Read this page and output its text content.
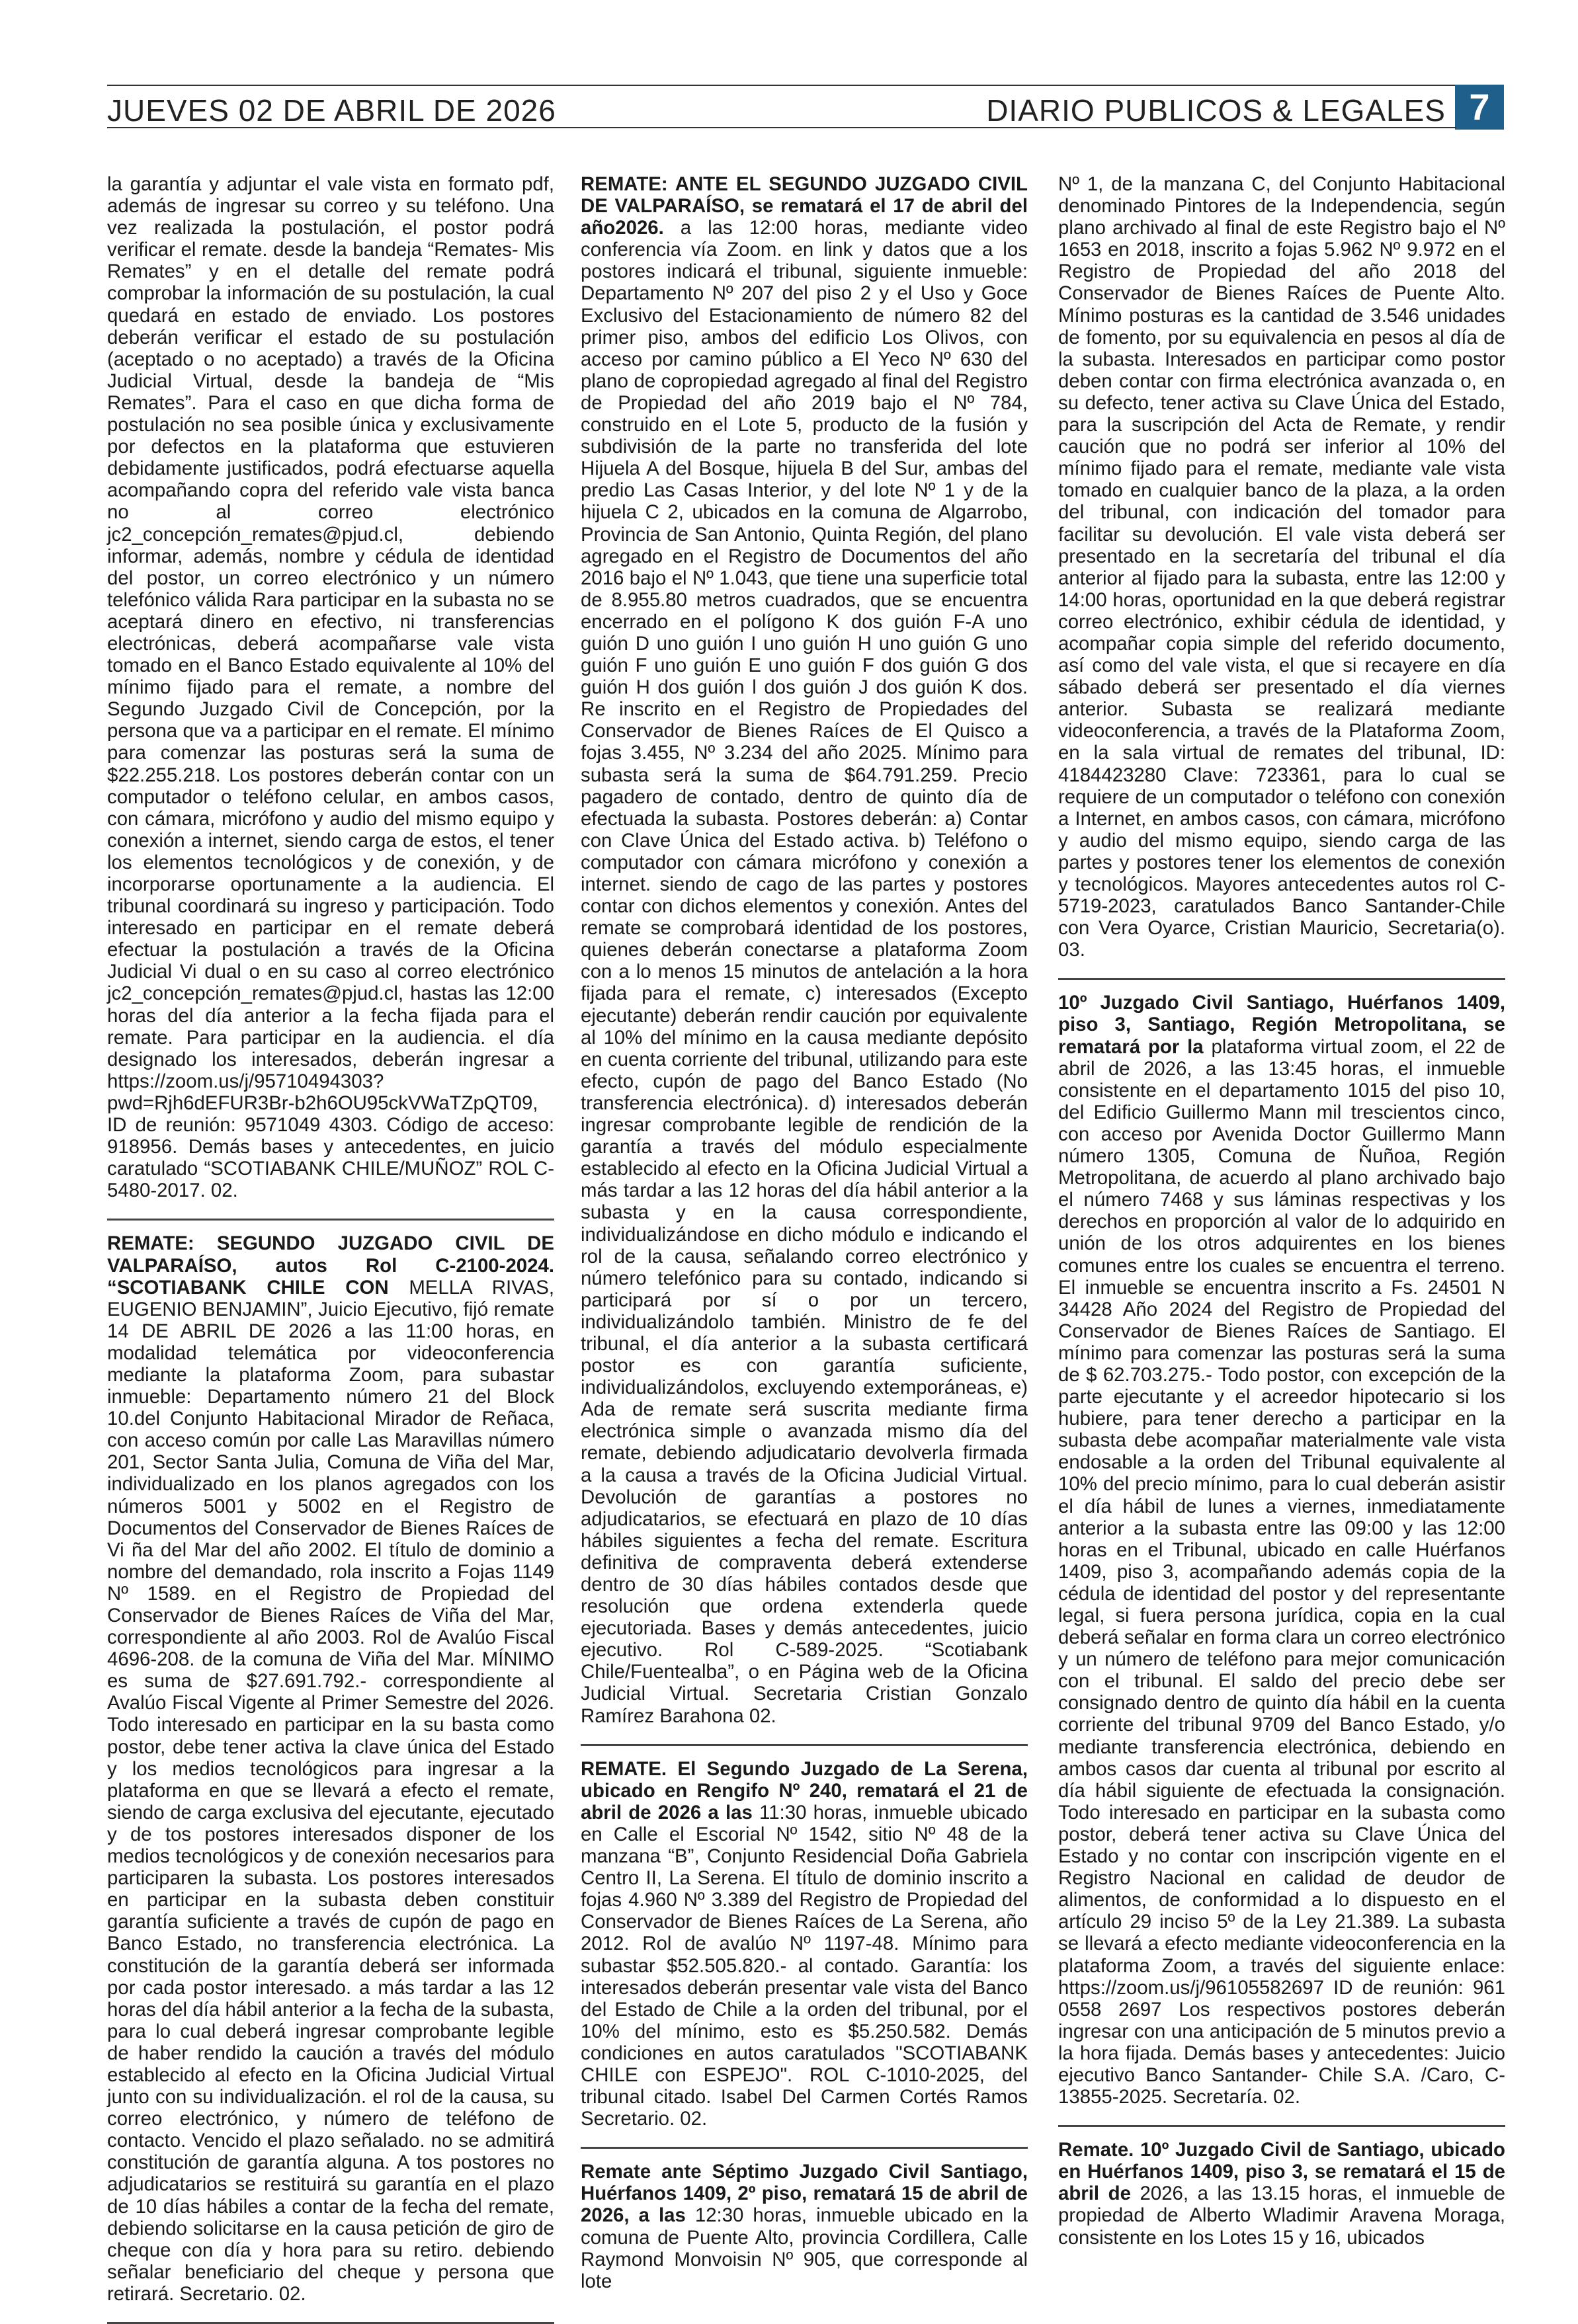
JUEVES 02 DE ABRIL DE 2026	DIARIO PUBLICOS & LEGALES 7

la garantía y adjuntar el vale vista en formato pdf, además de ingresar su correo y su teléfono. Una vez realizada la postulación, el postor podrá verificar el remate. desde la bandeja “Remates- Mis Remates” y en el detalle del remate podrá comprobar la información de su postulación, la cual quedará en estado de enviado. Los postores deberán verificar el estado de su postulación (aceptado o no aceptado) a través de la Oficina Judicial Virtual, desde la bandeja de “Mis Remates”. Para el caso en que dicha forma de postulación no sea posible única y exclusivamente por defectos en la plataforma que estuvieren debidamente justificados, podrá efectuarse aquella acompañando copra del referido vale vista banca no al correo electrónico jc2_concepción_remates@pjud.cl, debiendo informar, además, nombre y cédula de identidad del postor, un correo electrónico y un número telefónico válida Rara participar en la subasta no se aceptará dinero en efectivo, ni transferencias electrónicas, deberá acompañarse vale vista tomado en el Banco Estado equivalente al 10% del mínimo fijado para el remate, a nombre del Segundo Juzgado Civil de Concepción, por la persona que va a participar en el remate. El mínimo para comenzar las posturas será la suma de $22.255.218. Los postores deberán contar con un computador o teléfono celular, en ambos casos, con cámara, micrófono y audio del mismo equipo y conexión a internet, siendo carga de estos, el tener los elementos tecnológicos y de conexión, y de incorporarse oportunamente a la audiencia. El tribunal coordinará su ingreso y participación. Todo interesado en participar en el remate deberá efectuar la postulación a través de la Oficina Judicial Vi dual o en su caso al correo electrónico jc2_concepción_remates@pjud.cl, hastas las 12:00 horas del día anterior a la fecha fijada para el remate. Para participar en la audiencia. el día designado los interesados, deberán ingresar a https://zoom.us/j/95710494303?pwd=Rjh6dEFUR3Br-b2h6OU95ckVWaTZpQT09, ID de reunión: 9571049 4303. Código de acceso: 918956. Demás bases y antecedentes, en juicio caratulado “SCOTIABANK CHILE/MUÑOZ” ROL C-5480-2017. 02.

REMATE: SEGUNDO JUZGADO CIVIL DE VALPARAÍSO, autos Rol C-2100-2024. “SCOTIABANK CHILE CON MELLA RIVAS, EUGENIO BENJAMIN”, Juicio Ejecutivo, fijó remate 14 DE ABRIL DE 2026 a las 11:00 horas, en modalidad telemática por videoconferencia mediante la plataforma Zoom, para subastar inmueble: Departamento número 21 del Block 10.del Conjunto Habitacional Mirador de Reñaca, con acceso común por calle Las Maravillas número 201, Sector Santa Julia, Comuna de Viña del Mar, individualizado en los planos agregados con los números 5001 y 5002 en el Registro de Documentos del Conservador de Bienes Raíces de Vi ña del Mar del año 2002. El título de dominio a nombre del demandado, rola inscrito a Fojas 1149 Nº 1589. en el Registro de Propiedad del Conservador de Bienes Raíces de Viña del Mar, correspondiente al año 2003. Rol de Avalúo Fiscal 4696-208. de la comuna de Viña del Mar. MÍNIMO es suma de $27.691.792.- correspondiente al Avalúo Fiscal Vigente al Primer Semestre del 2026. Todo interesado en participar en la su basta como postor, debe tener activa la clave única del Estado y los medios tecnológicos para ingresar a la plataforma en que se llevará a efecto el remate, siendo de carga exclusiva del ejecutante, ejecutado y de tos postores interesados disponer de los medios tecnológicos y de conexión necesarios para participaren la subasta. Los postores interesados en participar en la subasta deben constituir garantía suficiente a través de cupón de pago en Banco Estado, no transferencia electrónica. La constitución de la garantía deberá ser informada por cada postor interesado. a más tardar a las 12 horas del día hábil anterior a la fecha de la subasta, para lo cual deberá ingresar comprobante legible de haber rendido la caución a través del módulo establecido al efecto en la Oficina Judicial Virtual junto con su individualización. el rol de la causa, su correo electrónico, y número de teléfono de contacto. Vencido el plazo señalado. no se admitirá constitución de garantía alguna. A tos postores no adjudicatarios se restituirá su garantía en el plazo de 10 días hábiles a contar de la fecha del remate, debiendo solicitarse en la causa petición de giro de cheque con día y hora para su retiro. debiendo señalar beneficiario del cheque y persona que retirará. Secretario. 02.

REMATE: ANTE EL SEGUNDO JUZGADO CIVIL DE VALPARAÍSO, se rematará el 17 de abril del año2026. a las 12:00 horas, mediante video conferencia vía Zoom. en link y datos que a los postores indicará el tribunal, siguiente inmueble: Departamento Nº 207 del piso 2 y el Uso y Goce Exclusivo del Estacionamiento de número 82 del primer piso, ambos del edificio Los Olivos, con acceso por camino público a El Yeco Nº 630 del plano de copropiedad agregado al final del Registro de Propiedad del año 2019 bajo el Nº 784, construido en el Lote 5, producto de la fusión y subdivisión de la parte no transferida del lote Hijuela A del Bosque, hijuela B del Sur, ambas del predio Las Casas Interior, y del lote Nº 1 y de la hijuela C 2, ubicados en la comuna de Algarrobo, Provincia de San Antonio, Quinta Región, del plano agregado en el Registro de Documentos del año 2016 bajo el Nº 1.043, que tiene una superficie total de 8.955.80 metros cuadrados, que se encuentra encerrado en el polígono K dos guión F-A uno guión D uno guión I uno guión H uno guión G uno guión F uno guión E uno guión F dos guión G dos guión H dos guión l dos guión J dos guión K dos. Re inscrito en el Registro de Propiedades del Conservador de Bienes Raíces de El Quisco a fojas 3.455, Nº 3.234 del año 2025. Mínimo para subasta será la suma de $64.791.259. Precio pagadero de contado, dentro de quinto día de efectuada la subasta. Postores deberán: a) Contar con Clave Única del Estado activa. b) Teléfono o computador con cámara micrófono y conexión a internet. siendo de cago de las partes y postores contar con dichos elementos y conexión. Antes del remate se comprobará identidad de los postores, quienes deberán conectarse a plataforma Zoom con a lo menos 15 minutos de antelación a la hora fijada para el remate, c) interesados (Excepto ejecutante) deberán rendir caución por equivalente al 10% del mínimo en la causa mediante depósito en cuenta corriente del tribunal, utilizando para este efecto, cupón de pago del Banco Estado (No transferencia electrónica). d) interesados deberán ingresar comprobante legible de rendición de la garantía a través del módulo especialmente establecido al efecto en la Oficina Judicial Virtual a más tardar a las 12 horas del día hábil anterior a la subasta y en la causa correspondiente, individualizándose en dicho módulo e indicando el rol de la causa, señalando correo electrónico y número telefónico para su contado, indicando si participará por sí o por un tercero, individualizándolo también. Ministro de fe del tribunal, el día anterior a la subasta certificará postor es con garantía suficiente, individualizándolos, excluyendo extemporáneas, e) Ada de remate será suscrita mediante firma electrónica simple o avanzada mismo día del remate, debiendo adjudicatario devolverla firmada a la causa a través de la Oficina Judicial Virtual. Devolución de garantías a postores no adjudicatarios, se efectuará en plazo de 10 días hábiles siguientes a fecha del remate. Escritura definitiva de compraventa deberá extenderse dentro de 30 días hábiles contados desde que resolución que ordena extenderla quede ejecutoriada. Bases y demás antecedentes, juicio ejecutivo. Rol C-589-2025. “Scotiabank Chile/Fuentealba”, o en Página web de la Oficina Judicial Virtual. Secretaria Cristian Gonzalo Ramírez Barahona 02.

REMATE. El Segundo Juzgado de La Serena, ubicado en Rengifo Nº 240, rematará el 21 de abril de 2026 a las 11:30 horas, inmueble ubicado en Calle el Escorial Nº 1542, sitio Nº 48 de la manzana “B”, Conjunto Residencial Doña Gabriela Centro II, La Serena. El título de dominio inscrito a fojas 4.960 Nº 3.389 del Registro de Propiedad del Conservador de Bienes Raíces de La Serena, año 2012. Rol de avalúo Nº 1197-48. Mínimo para subastar $52.505.820.- al contado. Garantía: los interesados deberán presentar vale vista del Banco del Estado de Chile a la orden del tribunal, por el 10% del mínimo, esto es $5.250.582. Demás condiciones en autos caratulados "SCOTIABANK CHILE con ESPEJO". ROL C-1010-2025, del tribunal citado. Isabel Del Carmen Cortés Ramos Secretario. 02.

Remate ante Séptimo Juzgado Civil Santiago, Huérfanos 1409, 2º piso, rematará 15 de abril de 2026, a las 12:30 horas, inmueble ubicado en la comuna de Puente Alto, provincia Cordillera, Calle Raymond Monvoisin Nº 905, que corresponde al lote

Nº 1, de la manzana C, del Conjunto Habitacional denominado Pintores de la Independencia, según plano archivado al final de este Registro bajo el Nº 1653 en 2018, inscrito a fojas 5.962 Nº 9.972 en el Registro de Propiedad del año 2018 del Conservador de Bienes Raíces de Puente Alto. Mínimo posturas es la cantidad de 3.546 unidades de fomento, por su equivalencia en pesos al día de la subasta. Interesados en participar como postor deben contar con firma electrónica avanzada o, en su defecto, tener activa su Clave Única del Estado, para la suscripción del Acta de Remate, y rendir caución que no podrá ser inferior al 10% del mínimo fijado para el remate, mediante vale vista tomado en cualquier banco de la plaza, a la orden del tribunal, con indicación del tomador para facilitar su devolución. El vale vista deberá ser presentado en la secretaría del tribunal el día anterior al fijado para la subasta, entre las 12:00 y 14:00 horas, oportunidad en la que deberá registrar correo electrónico, exhibir cédula de identidad, y acompañar copia simple del referido documento, así como del vale vista, el que si recayere en día sábado deberá ser presentado el día viernes anterior. Subasta se realizará mediante videoconferencia, a través de la Plataforma Zoom, en la sala virtual de remates del tribunal, ID: 4184423280 Clave: 723361, para lo cual se requiere de un computador o teléfono con conexión a Internet, en ambos casos, con cámara, micrófono y audio del mismo equipo, siendo carga de las partes y postores tener los elementos de conexión y tecnológicos. Mayores antecedentes autos rol C-5719-2023, caratulados Banco Santander-Chile con Vera Oyarce, Cristian Mauricio, Secretaria(o). 03.

10º Juzgado Civil Santiago, Huérfanos 1409, piso 3, Santiago, Región Metropolitana, se rematará por la plataforma virtual zoom, el 22 de abril de 2026, a las 13:45 horas, el inmueble consistente en el departamento 1015 del piso 10, del Edificio Guillermo Mann mil trescientos cinco, con acceso por Avenida Doctor Guillermo Mann número 1305, Comuna de Ñuñoa, Región Metropolitana, de acuerdo al plano archivado bajo el número 7468 y sus láminas respectivas y los derechos en proporción al valor de lo adquirido en unión de los otros adquirentes en los bienes comunes entre los cuales se encuentra el terreno. El inmueble se encuentra inscrito a Fs. 24501 N 34428 Año 2024 del Registro de Propiedad del Conservador de Bienes Raíces de Santiago. El mínimo para comenzar las posturas será la suma de $ 62.703.275.- Todo postor, con excepción de la parte ejecutante y el acreedor hipotecario si los hubiere, para tener derecho a participar en la subasta debe acompañar materialmente vale vista endosable a la orden del Tribunal equivalente al 10% del precio mínimo, para lo cual deberán asistir el día hábil de lunes a viernes, inmediatamente anterior a la subasta entre las 09:00 y las 12:00 horas en el Tribunal, ubicado en calle Huérfanos 1409, piso 3, acompañando además copia de la cédula de identidad del postor y del representante legal, si fuera persona jurídica, copia en la cual deberá señalar en forma clara un correo electrónico y un número de teléfono para mejor comunicación con el tribunal. El saldo del precio debe ser consignado dentro de quinto día hábil en la cuenta corriente del tribunal 9709 del Banco Estado, y/o mediante transferencia electrónica, debiendo en ambos casos dar cuenta al tribunal por escrito al día hábil siguiente de efectuada la consignación. Todo interesado en participar en la subasta como postor, deberá tener activa su Clave Única del Estado y no contar con inscripción vigente en el Registro Nacional en calidad de deudor de alimentos, de conformidad a lo dispuesto en el artículo 29 inciso 5º de la Ley 21.389. La subasta se llevará a efecto mediante videoconferencia en la plataforma Zoom, a través del siguiente enlace: https://zoom.us/j/96105582697 ID de reunión: 961 0558 2697 Los respectivos postores deberán ingresar con una anticipación de 5 minutos previo a la hora fijada. Demás bases y antecedentes: Juicio ejecutivo Banco Santander- Chile S.A. /Caro, C-13855-2025. Secretaría. 02.

Remate. 10º Juzgado Civil de Santiago, ubicado en Huérfanos 1409, piso 3, se rematará el 15 de abril de 2026, a las 13.15 horas, el inmueble de propiedad de Alberto Wladimir Aravena Moraga, consistente en los Lotes 15 y 16, ubicados
